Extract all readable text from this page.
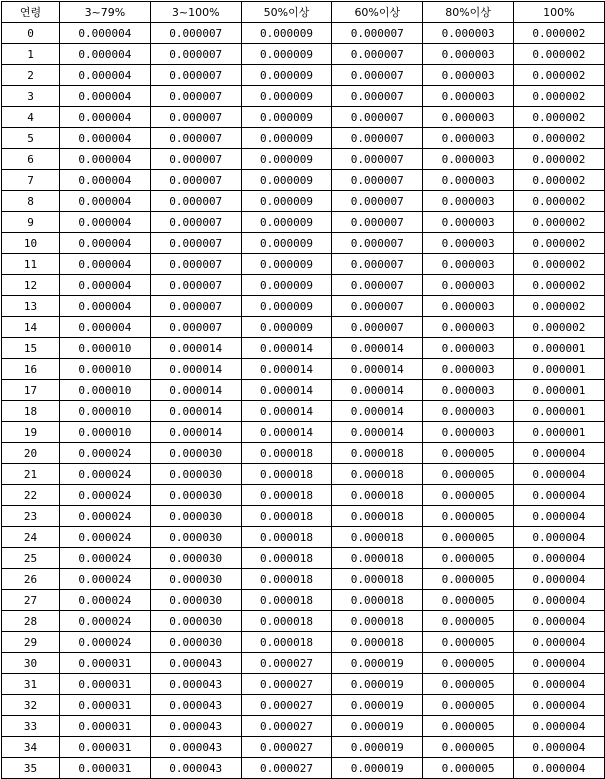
연령	3~79%	3~100%	50%이상	60%이상	80%이상	100%
0	0.000004	0.000007	0.000009	0.000007	0.000003	0.000002
1	0.000004	0.000007	0.000009	0.000007	0.000003	0.000002
2	0.000004	0.000007	0.000009	0.000007	0.000003	0.000002
3	0.000004	0.000007	0.000009	0.000007	0.000003	0.000002
4	0.000004	0.000007	0.000009	0.000007	0.000003	0.000002
5	0.000004	0.000007	0.000009	0.000007	0.000003	0.000002
6	0.000004	0.000007	0.000009	0.000007	0.000003	0.000002
7	0.000004	0.000007	0.000009	0.000007	0.000003	0.000002
8	0.000004	0.000007	0.000009	0.000007	0.000003	0.000002
9	0.000004	0.000007	0.000009	0.000007	0.000003	0.000002
10	0.000004	0.000007	0.000009	0.000007	0.000003	0.000002
11	0.000004	0.000007	0.000009	0.000007	0.000003	0.000002
12	0.000004	0.000007	0.000009	0.000007	0.000003	0.000002
13	0.000004	0.000007	0.000009	0.000007	0.000003	0.000002
14	0.000004	0.000007	0.000009	0.000007	0.000003	0.000002
15	0.000010	0.000014	0.000014	0.000014	0.000003	0.000001
16	0.000010	0.000014	0.000014	0.000014	0.000003	0.000001
17	0.000010	0.000014	0.000014	0.000014	0.000003	0.000001
18	0.000010	0.000014	0.000014	0.000014	0.000003	0.000001
19	0.000010	0.000014	0.000014	0.000014	0.000003	0.000001
20	0.000024	0.000030	0.000018	0.000018	0.000005	0.000004
21	0.000024	0.000030	0.000018	0.000018	0.000005	0.000004
22	0.000024	0.000030	0.000018	0.000018	0.000005	0.000004
23	0.000024	0.000030	0.000018	0.000018	0.000005	0.000004
24	0.000024	0.000030	0.000018	0.000018	0.000005	0.000004
25	0.000024	0.000030	0.000018	0.000018	0.000005	0.000004
26	0.000024	0.000030	0.000018	0.000018	0.000005	0.000004
27	0.000024	0.000030	0.000018	0.000018	0.000005	0.000004
28	0.000024	0.000030	0.000018	0.000018	0.000005	0.000004
29	0.000024	0.000030	0.000018	0.000018	0.000005	0.000004
30	0.000031	0.000043	0.000027	0.000019	0.000005	0.000004
31	0.000031	0.000043	0.000027	0.000019	0.000005	0.000004
32	0.000031	0.000043	0.000027	0.000019	0.000005	0.000004
33	0.000031	0.000043	0.000027	0.000019	0.000005	0.000004
34	0.000031	0.000043	0.000027	0.000019	0.000005	0.000004
35	0.000031	0.000043	0.000027	0.000019	0.000005	0.000004
